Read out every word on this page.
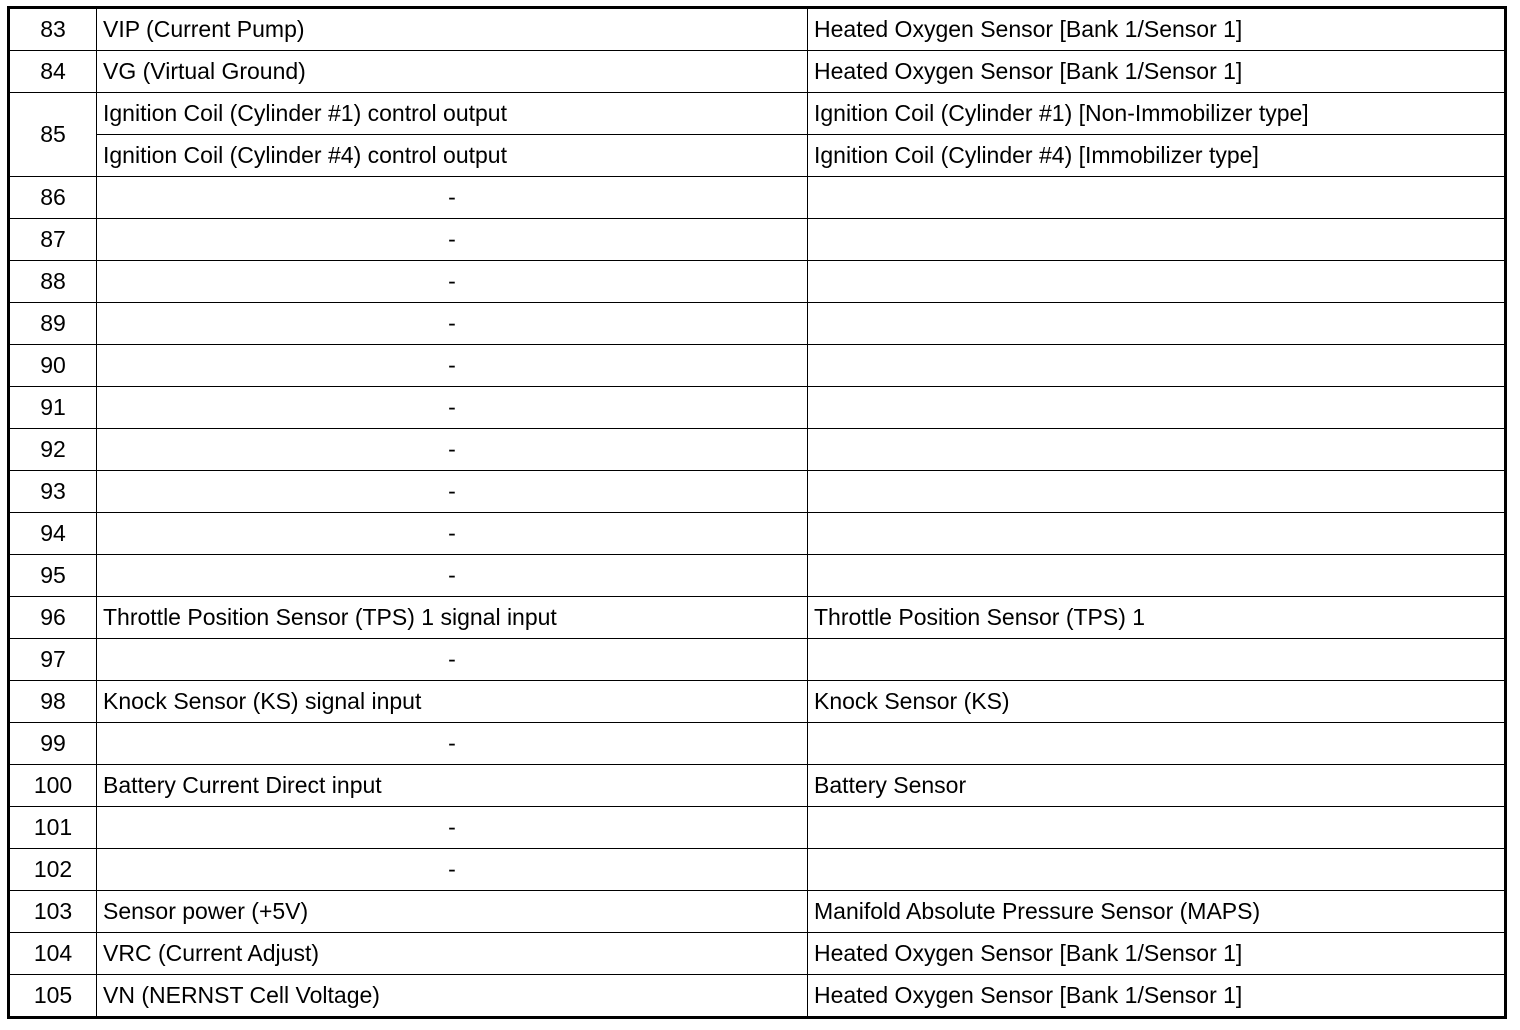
83	VIP (Current Pump)	Heated Oxygen Sensor [Bank 1/Sensor 1]
84	VG (Virtual Ground)	Heated Oxygen Sensor [Bank 1/Sensor 1]
85	Ignition Coil (Cylinder #1) control output	Ignition Coil (Cylinder #1) [Non-Immobilizer type]
	Ignition Coil (Cylinder #4) control output	Ignition Coil (Cylinder #4) [Immobilizer type]
86	-	
87	-	
88	-	
89	-	
90	-	
91	-	
92	-	
93	-	
94	-	
95	-	
96	Throttle Position Sensor (TPS) 1 signal input	Throttle Position Sensor (TPS) 1
97	-	
98	Knock Sensor (KS) signal input	Knock Sensor (KS)
99	-	
100	Battery Current Direct input	Battery Sensor
101	-	
102	-	
103	Sensor power (+5V)	Manifold Absolute Pressure Sensor (MAPS)
104	VRC (Current Adjust)	Heated Oxygen Sensor [Bank 1/Sensor 1]
105	VN (NERNST Cell Voltage)	Heated Oxygen Sensor [Bank 1/Sensor 1]
